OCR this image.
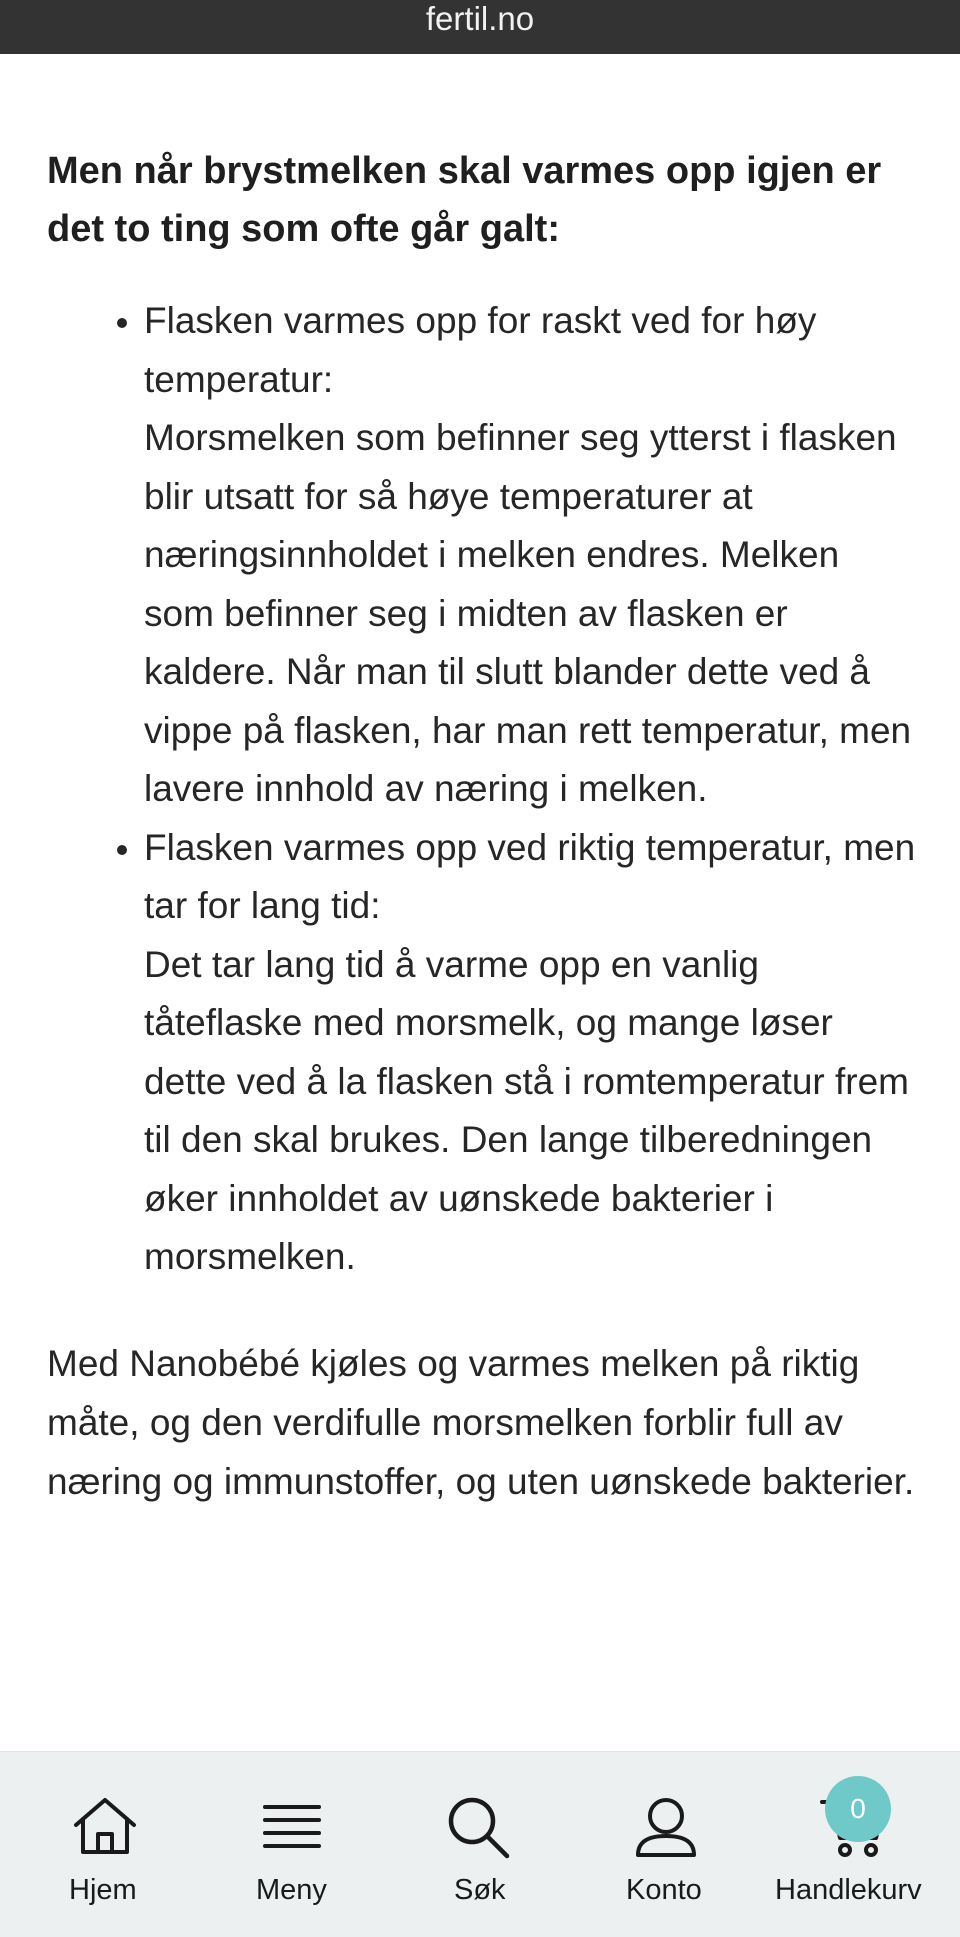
fertil.no
Men når brystmelken skal varmes opp igjen er det to ting som ofte går galt:
• Flasken varmes opp for raskt ved for høy temperatur:
Morsmelken som befinner seg ytterst i flasken blir utsatt for så høye temperaturer at næringsinnholdet i melken endres. Melken som befinner seg i midten av flasken er kaldere. Når man til slutt blander dette ved å vippe på flasken, har man rett temperatur, men lavere innhold av næring i melken.
• Flasken varmes opp ved riktig temperatur, men tar for lang tid:
Det tar lang tid å varme opp en vanlig tåteflaske med morsmelk, og mange løser dette ved å la flasken stå i romtemperatur frem til den skal brukes. Den lange tilberedningen øker innholdet av uønskede bakterier i morsmelken.

Med Nanobébé kjøles og varmes melken på riktig måte, og den verdifulle morsmelken forblir full av næring og immunstoffer, og uten uønskede bakterier.

Hjem	Meny	Søk	Konto
0
Handlekurv
